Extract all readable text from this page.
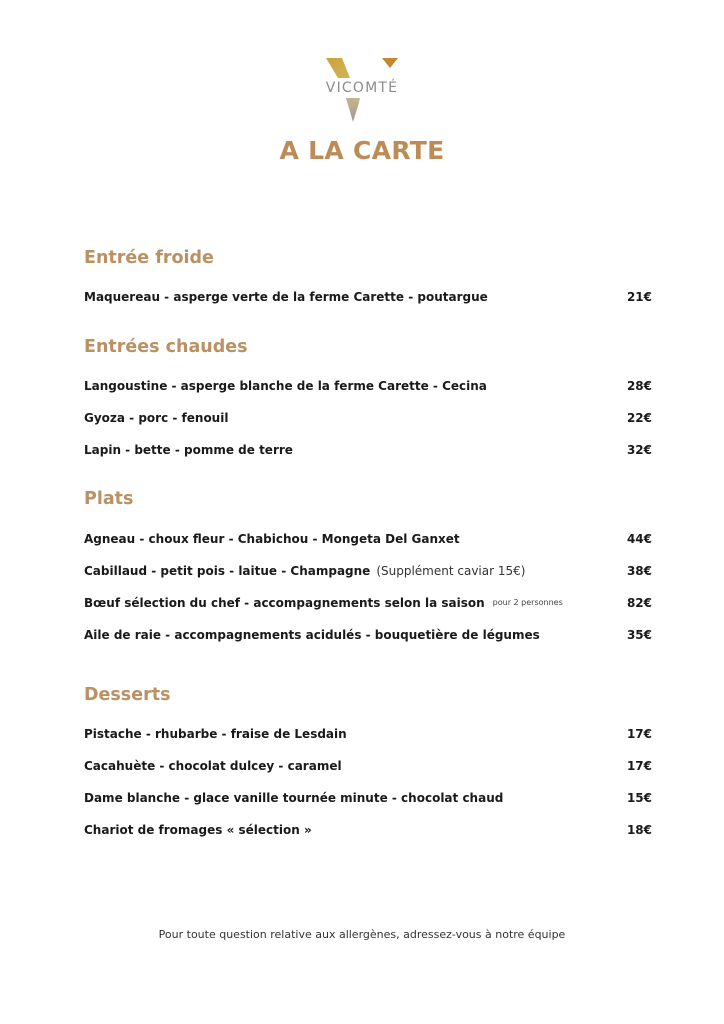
VICOMTÉ
A LA CARTE
Entrée froide
Maquereau - asperge verte de la ferme Carette - poutargue	21€
Entrées chaudes
Langoustine - asperge blanche de la ferme Carette - Cecina	28€
Gyoza - porc - fenouil	22€
Lapin - bette - pomme de terre	32€
Plats
Agneau - choux fleur - Chabichou - Mongeta Del Ganxet	44€
Cabillaud - petit pois - laitue - Champagne (Supplément caviar 15€)	38€
Bœuf sélection du chef - accompagnements selon la saison pour 2 personnes	82€
Aile de raie - accompagnements acidulés - bouquetière de légumes	35€
Desserts
Pistache - rhubarbe - fraise de Lesdain	17€
Cacahuète - chocolat dulcey - caramel	17€
Dame blanche - glace vanille tournée minute - chocolat chaud	15€
Chariot de fromages « sélection »	18€
Pour toute question relative aux allergènes, adressez-vous à notre équipe
